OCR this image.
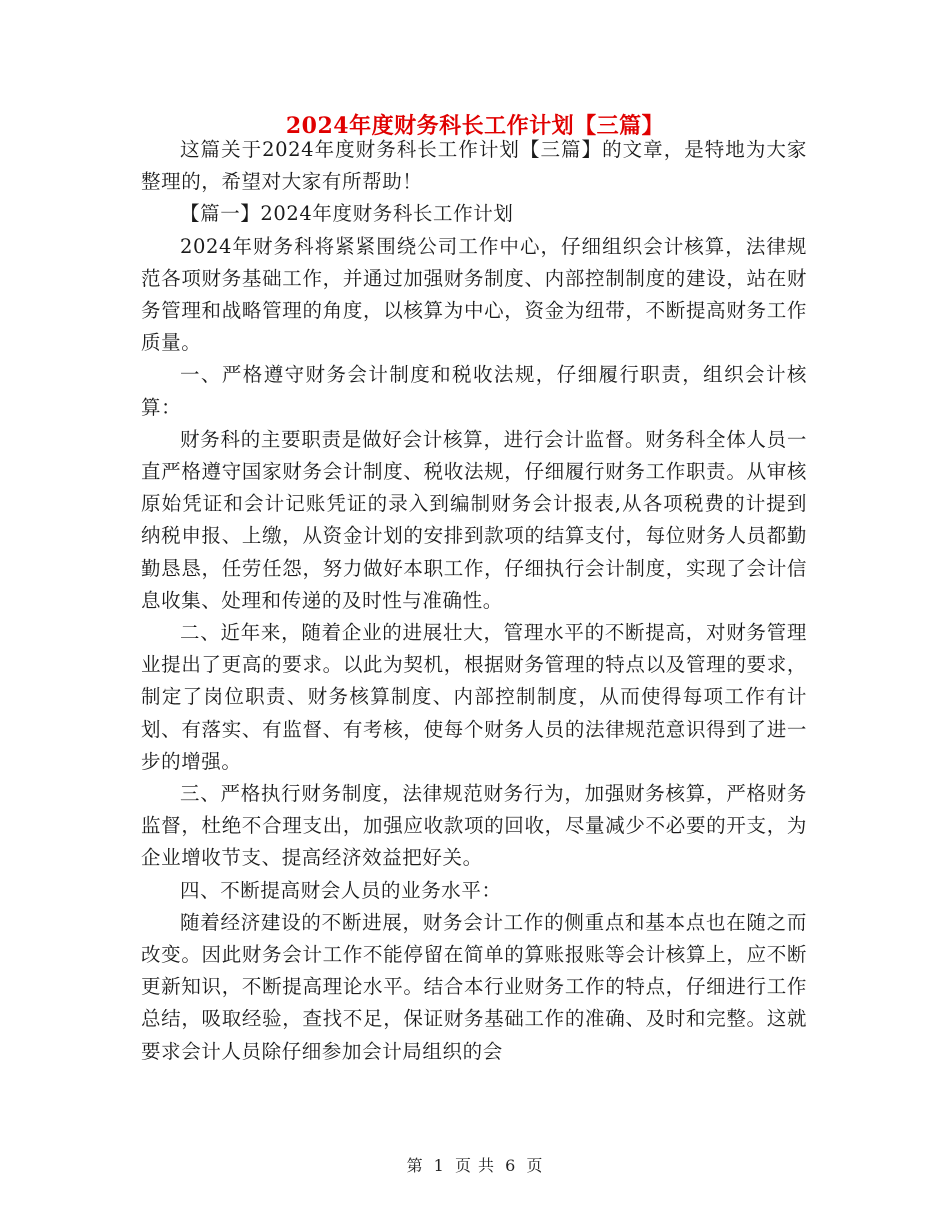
2024年度财务科长工作计划【三篇】

这篇关于2024年度财务科长工作计划【三篇】的文章，是特地为大家整理的，希望对大家有所帮助！

【篇一】2024年度财务科长工作计划

2024年财务科将紧紧围绕公司工作中心，仔细组织会计核算，法律规范各项财务基础工作，并通过加强财务制度、内部控制制度的建设，站在财务管理和战略管理的角度，以核算为中心，资金为纽带，不断提高财务工作质量。

一、严格遵守财务会计制度和税收法规，仔细履行职责，组织会计核算：

财务科的主要职责是做好会计核算，进行会计监督。财务科全体人员一直严格遵守国家财务会计制度、税收法规，仔细履行财务工作职责。从审核原始凭证和会计记账凭证的录入到编制财务会计报表,从各项税费的计提到纳税申报、上缴，从资金计划的安排到款项的结算支付，每位财务人员都勤勤恳恳，任劳任怨，努力做好本职工作，仔细执行会计制度，实现了会计信息收集、处理和传递的及时性与准确性。

二、近年来，随着企业的进展壮大，管理水平的不断提高，对财务管理业提出了更高的要求。以此为契机，根据财务管理的特点以及管理的要求，制定了岗位职责、财务核算制度、内部控制制度，从而使得每项工作有计划、有落实、有监督、有考核，使每个财务人员的法律规范意识得到了进一步的增强。

三、严格执行财务制度，法律规范财务行为，加强财务核算，严格财务监督，杜绝不合理支出，加强应收款项的回收，尽量减少不必要的开支，为企业增收节支、提高经济效益把好关。

四、不断提高财会人员的业务水平：

随着经济建设的不断进展，财务会计工作的侧重点和基本点也在随之而改变。因此财务会计工作不能停留在简单的算账报账等会计核算上，应不断更新知识，不断提高理论水平。结合本行业财务工作的特点，仔细进行工作总结，吸取经验，查找不足，保证财务基础工作的准确、及时和完整。这就要求会计人员除仔细参加会计局组织的会

第 1 页 共 6 页
